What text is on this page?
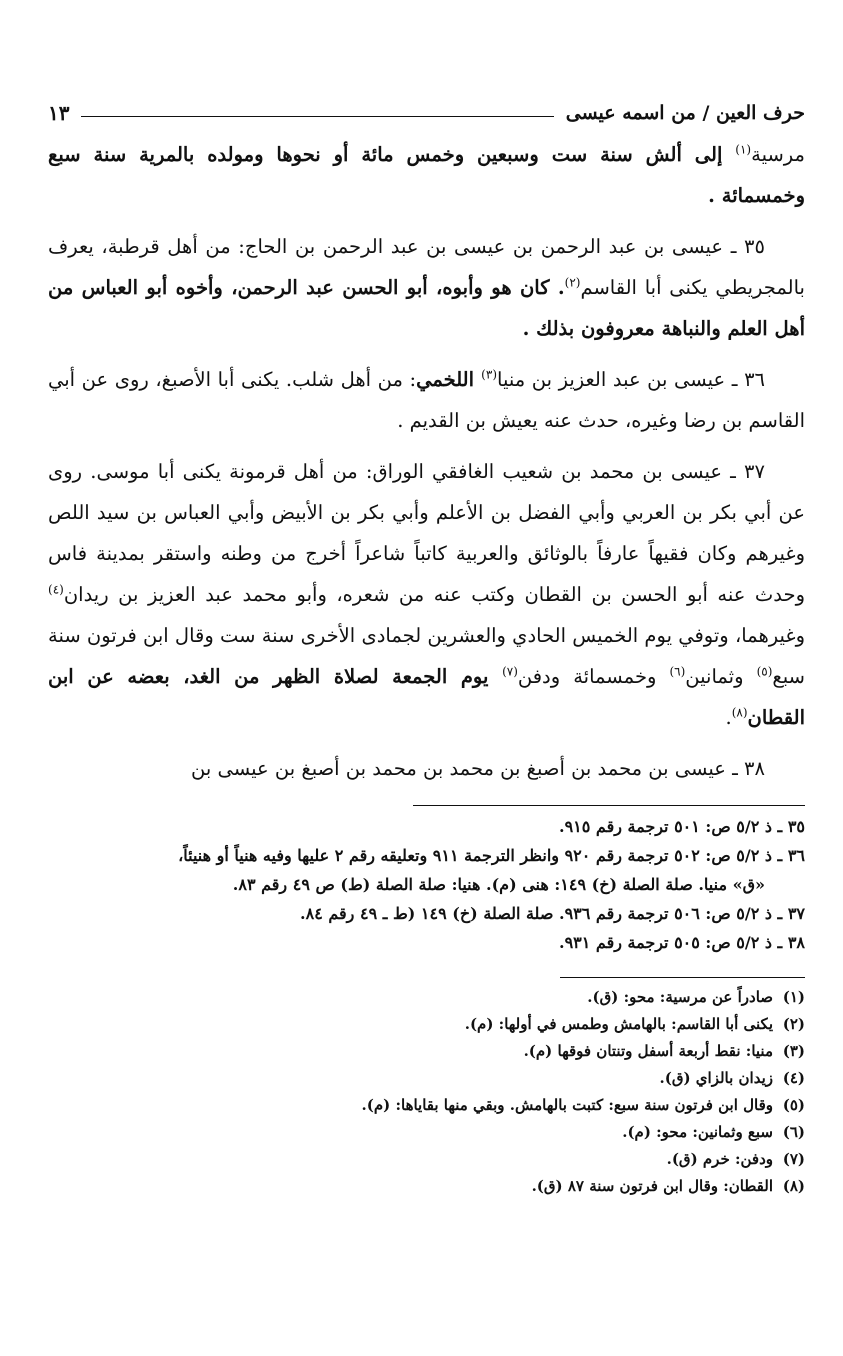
حرف العين / من اسمه عيسى
١٣

مرسية$^{(١)}$ إلى ألش سنة ست وسبعين وخمس مائة أو نحوها ومولده بالمرية سنة سبع وخمسمائة .

٣٥ ـ عيسى بن عبد الرحمن بن عيسى بن عبد الرحمن بن الحاج: من أهل قرطبة، يعرف بالمجريطي يكنى أبا القاسم$^{(٢)}$. كان هو وأبوه، أبو الحسن عبد الرحمن، وأخوه أبو العباس من أهل العلم والنباهة معروفون بذلك .

٣٦ ـ عيسى بن عبد العزيز بن منيا$^{(٣)}$ اللخمي: من أهل شلب. يكنى أبا الأصبغ، روى عن أبي القاسم بن رضا وغيره، حدث عنه يعيش بن القديم .

٣٧ ـ عيسى بن محمد بن شعيب الغافقي الوراق: من أهل قرمونة يكنى أبا موسى. روى عن أبي بكر بن العربي وأبي الفضل بن الأعلم وأبي بكر بن الأبيض وأبي العباس بن سيد اللص وغيرهم وكان فقيهاً عارفاً بالوثائق والعربية كاتباً شاعراً أخرج من وطنه واستقر بمدينة فاس وحدث عنه أبو الحسن بن القطان وكتب عنه من شعره، وأبو محمد عبد العزيز بن ريدان$^{(٤)}$ وغيرهما، وتوفي يوم الخميس الحادي والعشرين لجمادى الأخرى سنة ست وقال ابن فرتون سنة سبع$^{(٥)}$ وثمانين$^{(٦)}$ وخمسمائة ودفن$^{(٧)}$ يوم الجمعة لصلاة الظهر من الغد، بعضه عن ابن القطان$^{(٨)}$.

٣٨ ـ عيسى بن محمد بن أصبغ بن محمد بن محمد بن أصبغ بن عيسى بن

٣٥ ـ ذ ٥/٢ ص: ٥٠١ ترجمة رقم ٩١٥.

٣٦ ـ ذ ٥/٢ ص: ٥٠٢ ترجمة رقم ٩٢٠ وانظر الترجمة ٩١١ وتعليقه رقم ٢ عليها وفيه هنياً أو هنيئاً،

«ق» منيا. صلة الصلة (خ) ١٤٩: هنى (م). هنيا: صلة الصلة (ط) ص ٤٩ رقم ٨٣.

٣٧ ـ ذ ٥/٢ ص: ٥٠٦ ترجمة رقم ٩٣٦. صلة الصلة (خ) ١٤٩ (ط ـ ٤٩ رقم ٨٤.

٣٨ ـ ذ ٥/٢ ص: ٥٠٥ ترجمة رقم ٩٣١.

(١)صادراً عن مرسية: محو: (ق).

(٢)يكنى أبا القاسم: بالهامش وطمس في أولها: (م).

(٣)منيا: نقط أربعة أسفل وتنتان فوقها (م).

(٤)زيدان بالزاي (ق).

(٥)وقال ابن فرتون سنة سبع: كتبت بالهامش. وبقي منها بقاياها: (م).

(٦)سبع وثمانين: محو: (م).

(٧)ودفن: خرم (ق).

(٨)القطان: وقال ابن فرتون سنة ٨٧ (ق).
